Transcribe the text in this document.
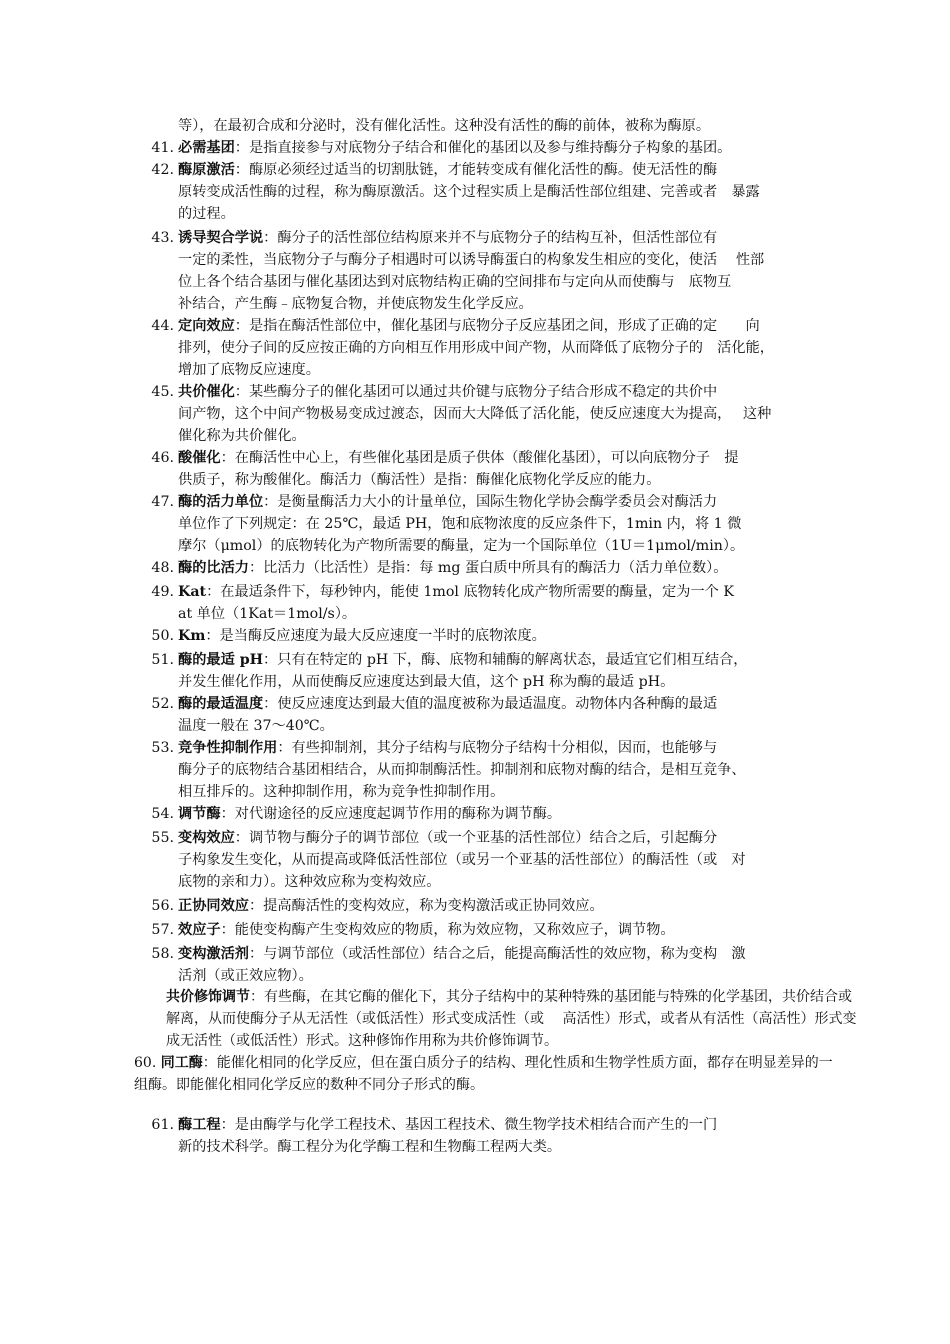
等），在最初合成和分泌时，没有催化活性。这种没有活性的酶的前体，被称为酶原。
41. 必需基团：是指直接参与对底物分子结合和催化的基团以及参与维持酶分子构象的基团。
42. 酶原激活：酶原必须经过适当的切割肽链，才能转变成有催化活性的酶。使无活性的酶
原转变成活性酶的过程，称为酶原激活。这个过程实质上是酶活性部位组建、完善或者　暴露
的过程。
43. 诱导契合学说：酶分子的活性部位结构原来并不与底物分子的结构互补，但活性部位有
一定的柔性，当底物分子与酶分子相遇时可以诱导酶蛋白的构象发生相应的变化，使活　 性部
位上各个结合基团与催化基团达到对底物结构正确的空间排布与定向从而使酶与　底物互
补结合，产生酶﹣底物复合物，并使底物发生化学反应。
44. 定向效应：是指在酶活性部位中，催化基团与底物分子反应基团之间，形成了正确的定　　向
排列，使分子间的反应按正确的方向相互作用形成中间产物，从而降低了底物分子的　活化能，
增加了底物反应速度。
45. 共价催化：某些酶分子的催化基团可以通过共价键与底物分子结合形成不稳定的共价中
间产物，这个中间产物极易变成过渡态，因而大大降低了活化能，使反应速度大为提高，　 这种
催化称为共价催化。
46. 酸催化：在酶活性中心上，有些催化基团是质子供体（酸催化基团），可以向底物分子　提
供质子，称为酸催化。酶活力（酶活性）是指：酶催化底物化学反应的能力。
47. 酶的活力单位：是衡量酶活力大小的计量单位，国际生物化学协会酶学委员会对酶活力
单位作了下列规定：在 25℃，最适 PH，饱和底物浓度的反应条件下，1min 内，将 1 微
摩尔（μmol）的底物转化为产物所需要的酶量，定为一个国际单位（1U＝1μmol/min）。
48. 酶的比活力：比活力（比活性）是指：每 mg 蛋白质中所具有的酶活力（活力单位数）。
49. Kat：在最适条件下，每秒钟内，能使 1mol 底物转化成产物所需要的酶量，定为一个 K
at 单位（1Kat＝1mol/s）。
50. Km：是当酶反应速度为最大反应速度一半时的底物浓度。
51. 酶的最适 pH：只有在特定的 pH 下，酶、底物和辅酶的解离状态，最适宜它们相互结合，
并发生催化作用，从而使酶反应速度达到最大值，这个 pH 称为酶的最适 pH。
52. 酶的最适温度：使反应速度达到最大值的温度被称为最适温度。动物体内各种酶的最适
温度一般在 37～40℃。
53. 竞争性抑制作用：有些抑制剂，其分子结构与底物分子结构十分相似，因而，也能够与
酶分子的底物结合基团相结合，从而抑制酶活性。抑制剂和底物对酶的结合，是相互竞争、
相互排斥的。这种抑制作用，称为竞争性抑制作用。
54. 调节酶：对代谢途径的反应速度起调节作用的酶称为调节酶。
55. 变构效应：调节物与酶分子的调节部位（或一个亚基的活性部位）结合之后，引起酶分
子构象发生变化，从而提高或降低活性部位（或另一个亚基的活性部位）的酶活性（或　对
底物的亲和力）。这种效应称为变构效应。
56. 正协同效应：提高酶活性的变构效应，称为变构激活或正协同效应。
57. 效应子：能使变构酶产生变构效应的物质，称为效应物，又称效应子，调节物。
58. 变构激活剂：与调节部位（或活性部位）结合之后，能提高酶活性的效应物，称为变构　激
活剂（或正效应物）。
共价修饰调节：有些酶，在其它酶的催化下，其分子结构中的某种特殊的基团能与特殊的化学基团，共价结合或
解离，从而使酶分子从无活性（或低活性）形式变成活性（或　 高活性）形式，或者从有活性（高活性）形式变
成无活性（或低活性）形式。这种修饰作用称为共价修饰调节。
60. 同工酶：能催化相同的化学反应，但在蛋白质分子的结构、理化性质和生物学性质方面，都存在明显差异的一
组酶。即能催化相同化学反应的数种不同分子形式的酶。
61. 酶工程：是由酶学与化学工程技术、基因工程技术、微生物学技术相结合而产生的一门
新的技术科学。酶工程分为化学酶工程和生物酶工程两大类。
